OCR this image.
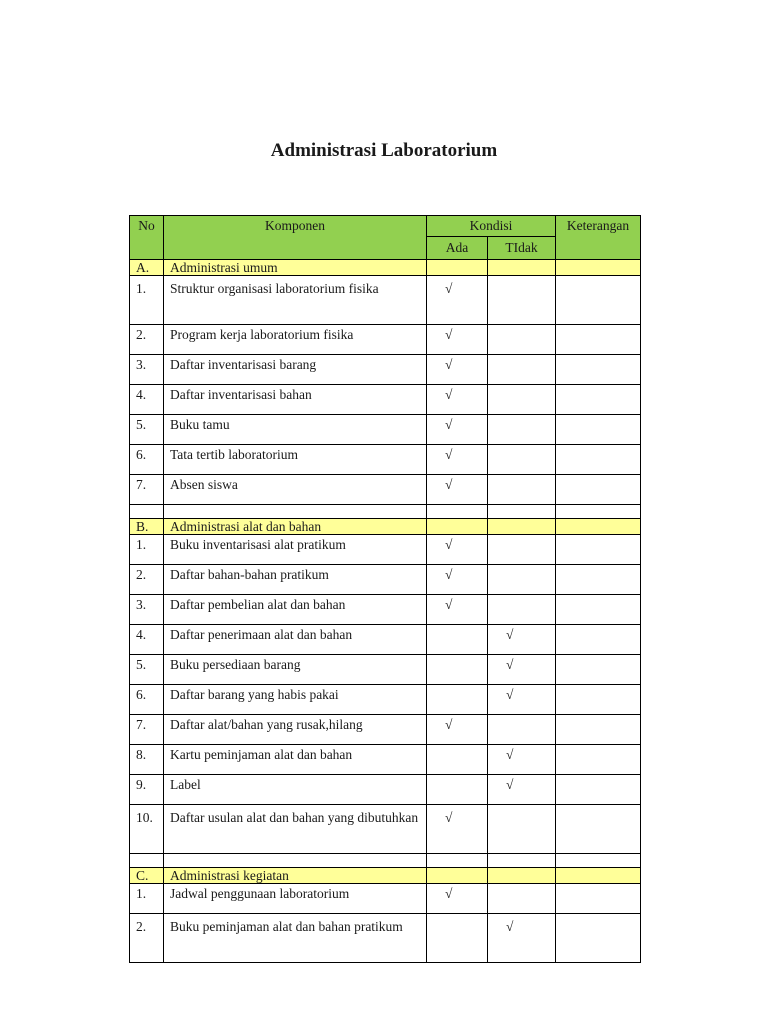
Administrasi Laboratorium
No	Komponen	Kondisi		Keterangan
		Ada	TIdak	
A.	Administrasi umum			
1.	Struktur organisasi laboratorium fisika	√		
2.	Program kerja laboratorium fisika	√		
3.	Daftar inventarisasi barang	√		
4.	Daftar inventarisasi bahan	√		
5.	Buku tamu	√		
6.	Tata tertib laboratorium	√		
7.	Absen siswa	√		

B.	Administrasi alat dan bahan			
1.	Buku inventarisasi alat pratikum	√		
2.	Daftar bahan-bahan pratikum	√		
3.	Daftar pembelian alat dan bahan	√		
4.	Daftar penerimaan alat dan bahan		√	
5.	Buku persediaan barang		√	
6.	Daftar barang yang habis pakai		√	
7.	Daftar alat/bahan yang rusak,hilang	√		
8.	Kartu peminjaman alat dan bahan		√	
9.	Label		√	
10.	Daftar usulan alat dan bahan yang dibutuhkan	√		

C.	Administrasi kegiatan			
1.	Jadwal penggunaan laboratorium	√		
2.	Buku peminjaman alat dan bahan pratikum		√	
